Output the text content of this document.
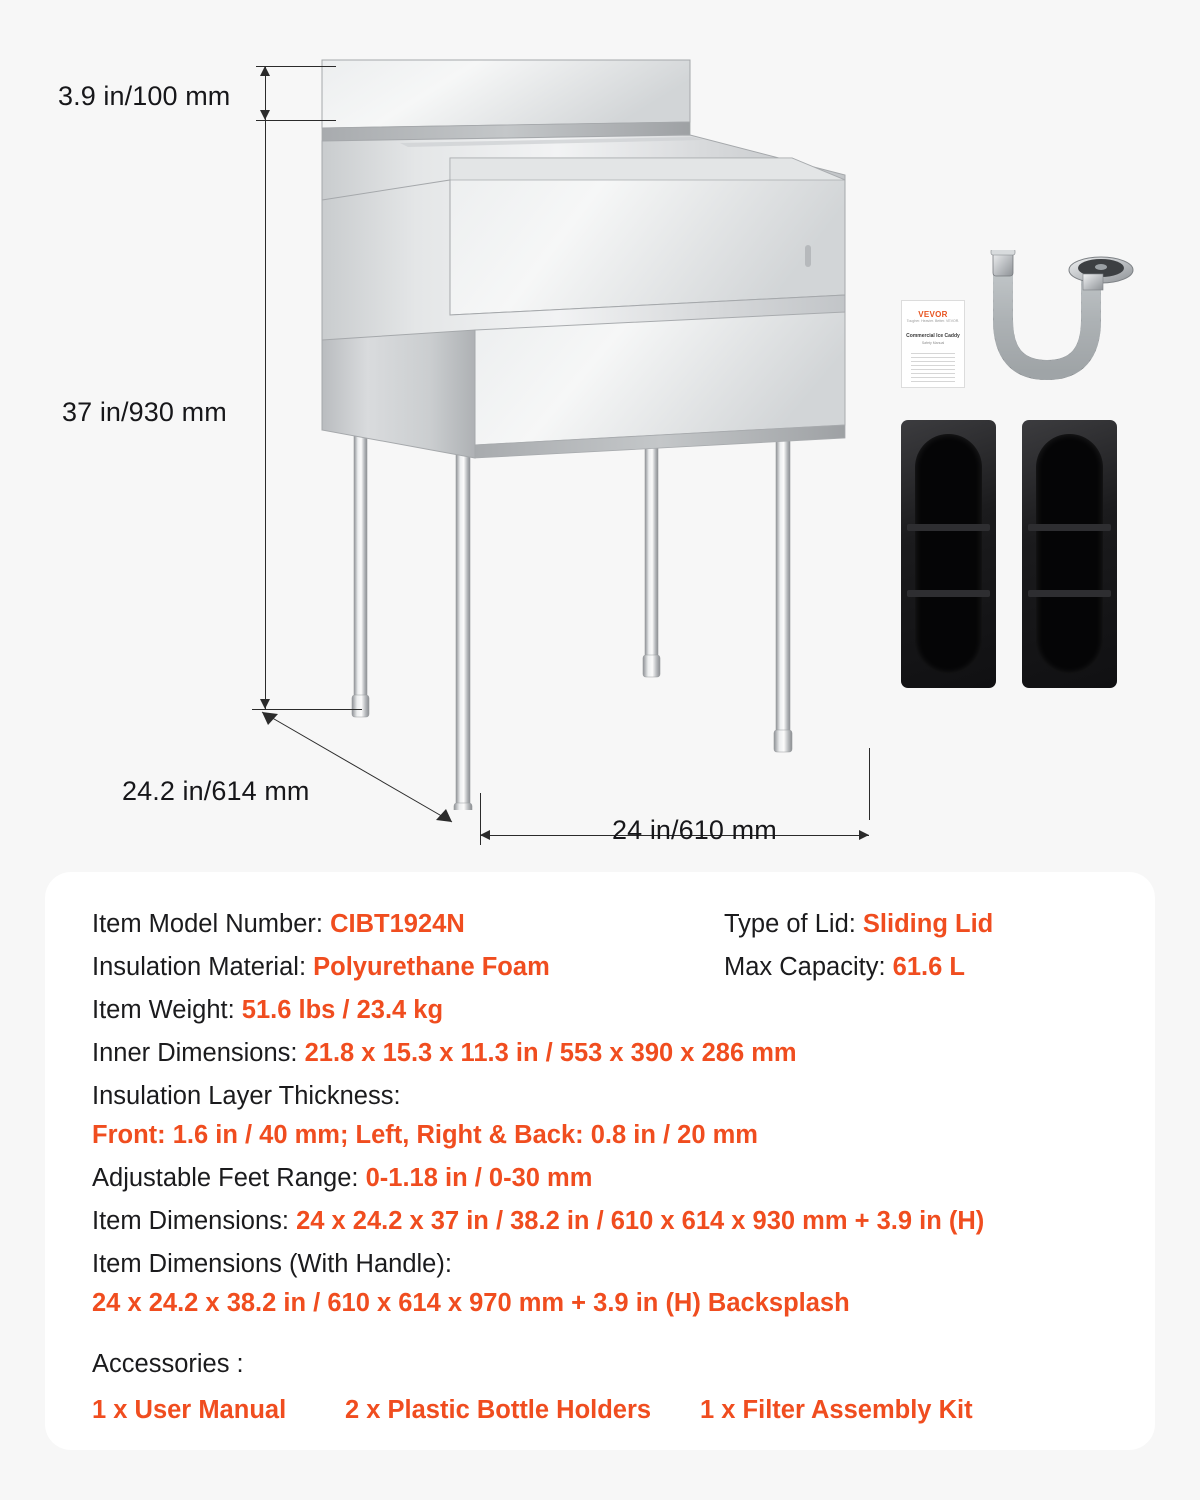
VEVOR
Tougher. Heavier. Better. VEVOR.
Commercial Ice Caddy
Safety Manual
3.9 in/100 mm
37 in/930 mm
24.2 in/614 mm
24 in/610 mm
Item Model Number: CIBT1924N	Type of Lid: Sliding Lid
Insulation Material: Polyurethane Foam	Max Capacity: 61.6 L
Item Weight: 51.6 lbs / 23.4 kg
Inner Dimensions: 21.8 x 15.3 x 11.3 in / 553 x 390 x 286 mm
Insulation Layer Thickness:
Front: 1.6 in / 40 mm; Left, Right & Back: 0.8 in / 20 mm
Adjustable Feet Range: 0-1.18 in / 0-30 mm
Item Dimensions: 24 x 24.2 x 37 in / 38.2 in / 610 x 614 x 930 mm + 3.9 in (H)
Item Dimensions (With Handle):
24 x 24.2 x 38.2 in / 610 x 614 x 970 mm + 3.9 in (H) Backsplash
Accessories :
1 x User Manual 2 x Plastic Bottle Holders 1 x Filter Assembly Kit
